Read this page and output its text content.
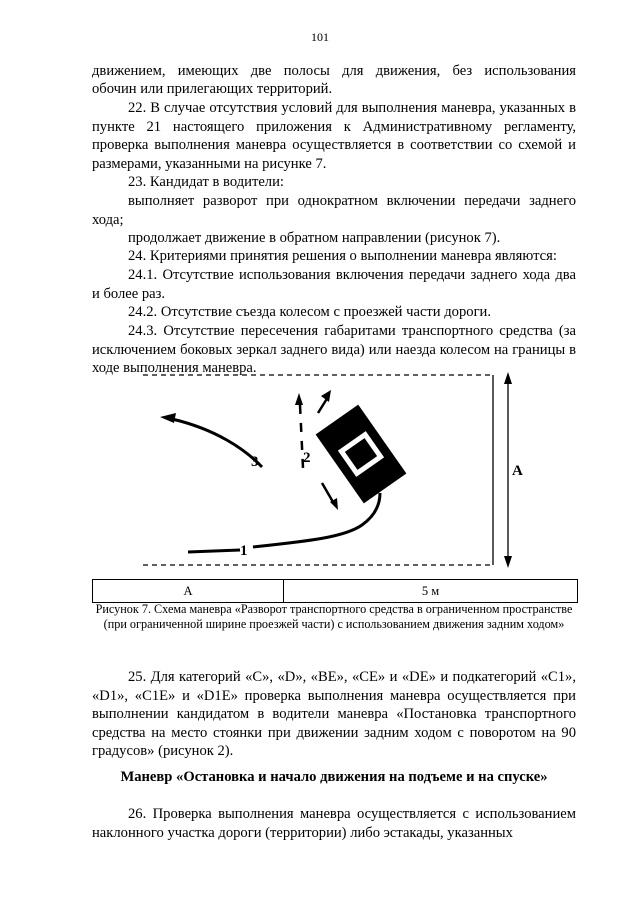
101

движением, имеющих две полосы для движения, без использования

обочин или прилегающих территорий.

22. В случае отсутствия условий для выполнения маневра, указанных в пункте 21 настоящего приложения к Административному регламенту, проверка выполнения маневра осуществляется в соответствии со схемой и размерами, указанными на рисунке 7.

23. Кандидат в водители:

выполняет разворот при однократном включении передачи заднего хода;

продолжает движение в обратном направлении (рисунок 7).

24. Критериями принятия решения о выполнении маневра являются:

24.1. Отсутствие использования включения передачи заднего хода два и более раз.

24.2. Отсутствие съезда колесом с проезжей части дороги.

24.3. Отсутствие пересечения габаритами транспортного средства (за исключением боковых зеркал заднего вида) или наезда колесом на границы в ходе выполнения маневра.

A
1
2
3
A	5 м

Рисунок 7. Схема маневра «Разворот транспортного средства в ограниченном пространстве (при ограниченной ширине проезжей части) с использованием движения задним ходом»

25. Для категорий «C», «D», «BE», «CE» и «DE» и подкатегорий «C1», «D1», «C1E» и «D1E» проверка выполнения маневра осуществляется при выполнении кандидатом в водители маневра «Постановка транспортного средства на место стоянки при движении задним ходом с поворотом на 90 градусов» (рисунок 2).

Маневр «Остановка и начало движения на подъеме и на спуске»

26. Проверка выполнения маневра осуществляется с использованием наклонного участка дороги (территории) либо эстакады, указанных
